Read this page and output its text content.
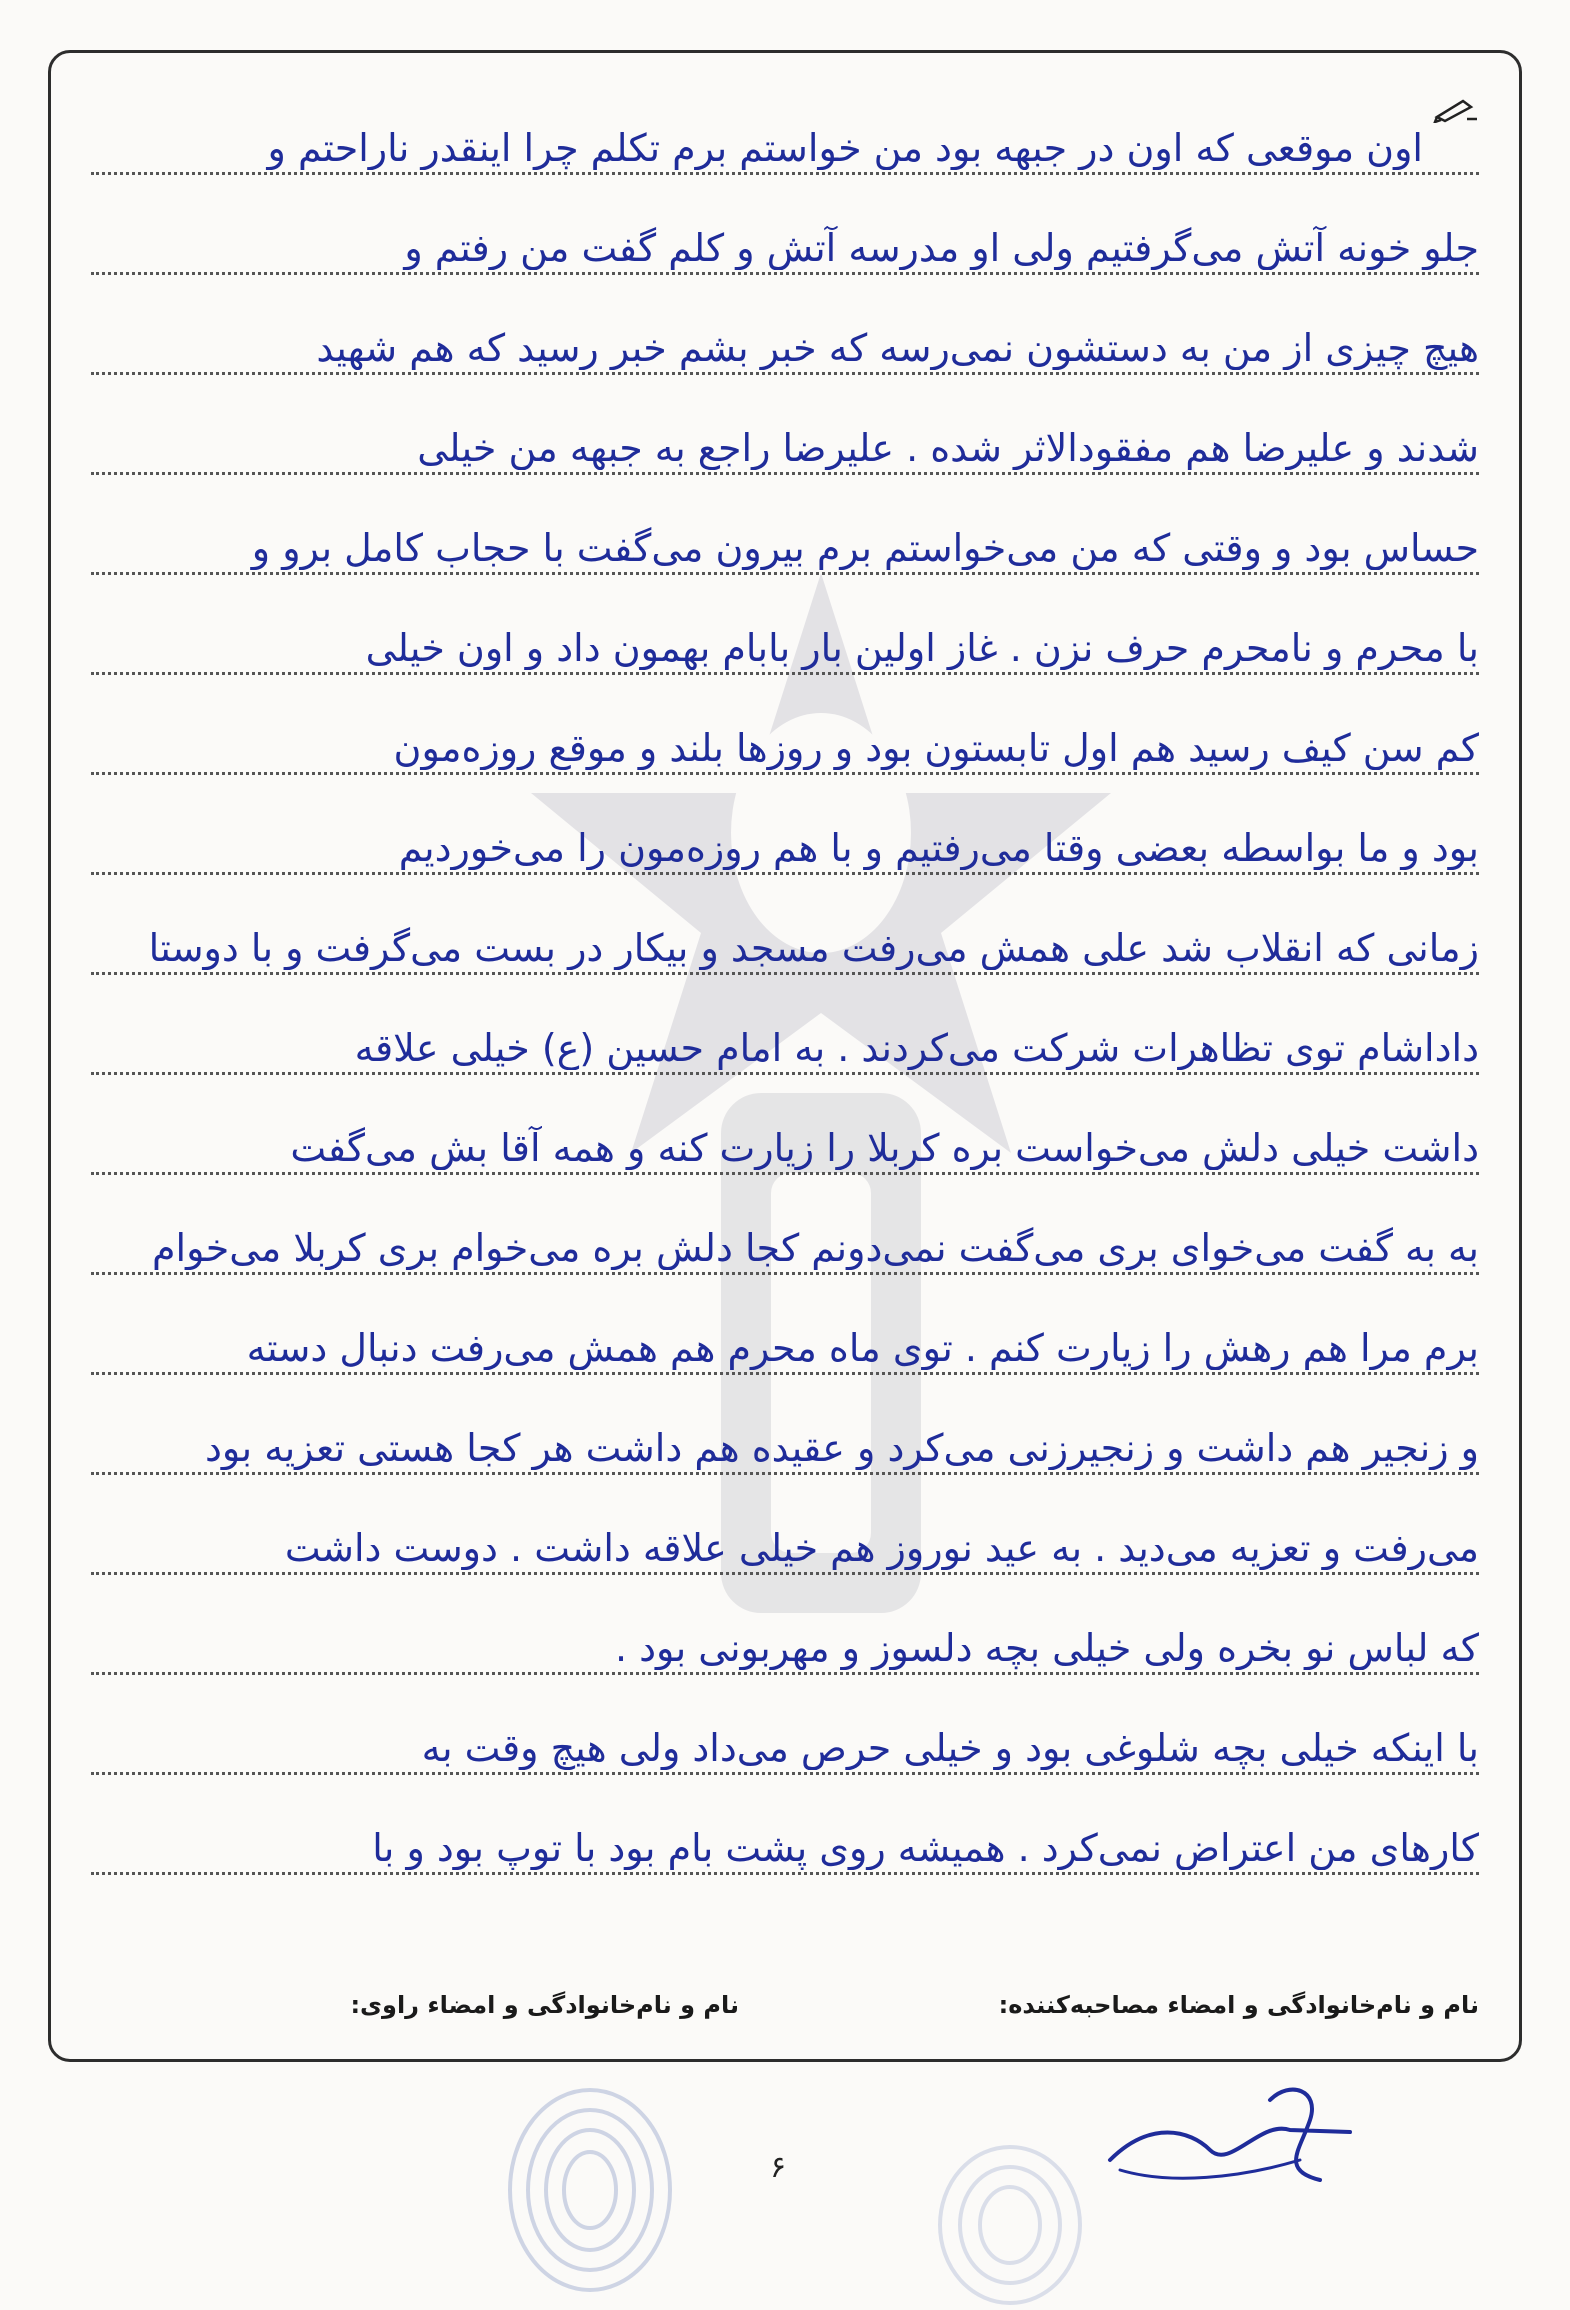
اون موقعی که اون در جبهه بود من خواستم برم تکلم چرا اینقدر ناراحتم و
جلو خونه آتش می‌گرفتیم ولی او مدرسه آتش و کلم گفت من رفتم و
هیچ چیزی از من به دستشون نمی‌رسه که خبر بشم خبر رسید که هم شهید
شدند و علیرضا هم مفقودالاثر شده . علیرضا راجع به جبهه من خیلی
حساس بود و وقتی که من می‌خواستم برم بیرون می‌گفت با حجاب کامل برو و
با محرم و نامحرم حرف نزن . غاز اولین بار بابام بهمون داد و اون خیلی
کم سن کیف رسید هم اول تابستون بود و روزها بلند و موقع روزه‌مون
بود و ما بواسطه بعضی وقتا می‌رفتیم و با هم روزه‌مون را می‌خوردیم
زمانی که انقلاب شد علی همش می‌رفت مسجد و بیکار در بست می‌گرفت و با دوستا
داداشام توی تظاهرات شرکت می‌کردند . به امام حسین (ع) خیلی علاقه
داشت خیلی دلش می‌خواست بره کربلا را زیارت کنه و همه آقا بش می‌گفت
به به گفت می‌خوای بری می‌گفت نمی‌دونم کجا دلش بره می‌خوام بری کربلا می‌خوام
برم مرا هم رهش را زیارت کنم . توی ماه محرم هم همش می‌رفت دنبال دسته
و زنجیر هم داشت و زنجیرزنی می‌کرد و عقیده هم داشت هر کجا هستی تعزیه بود
می‌رفت و تعزیه می‌دید . به عید نوروز هم خیلی علاقه داشت . دوست داشت
که لباس نو بخره ولی خیلی بچه دلسوز و مهربونی بود .
با اینکه خیلی بچه شلوغی بود و خیلی حرص می‌داد ولی هیچ وقت به
کارهای من اعتراض نمی‌کرد . همیشه روی پشت بام بود با توپ بود و با
نام و نام‌خانوادگی و امضاء مصاحبه‌کننده:
نام و نام‌خانوادگی و امضاء راوی:
۶
